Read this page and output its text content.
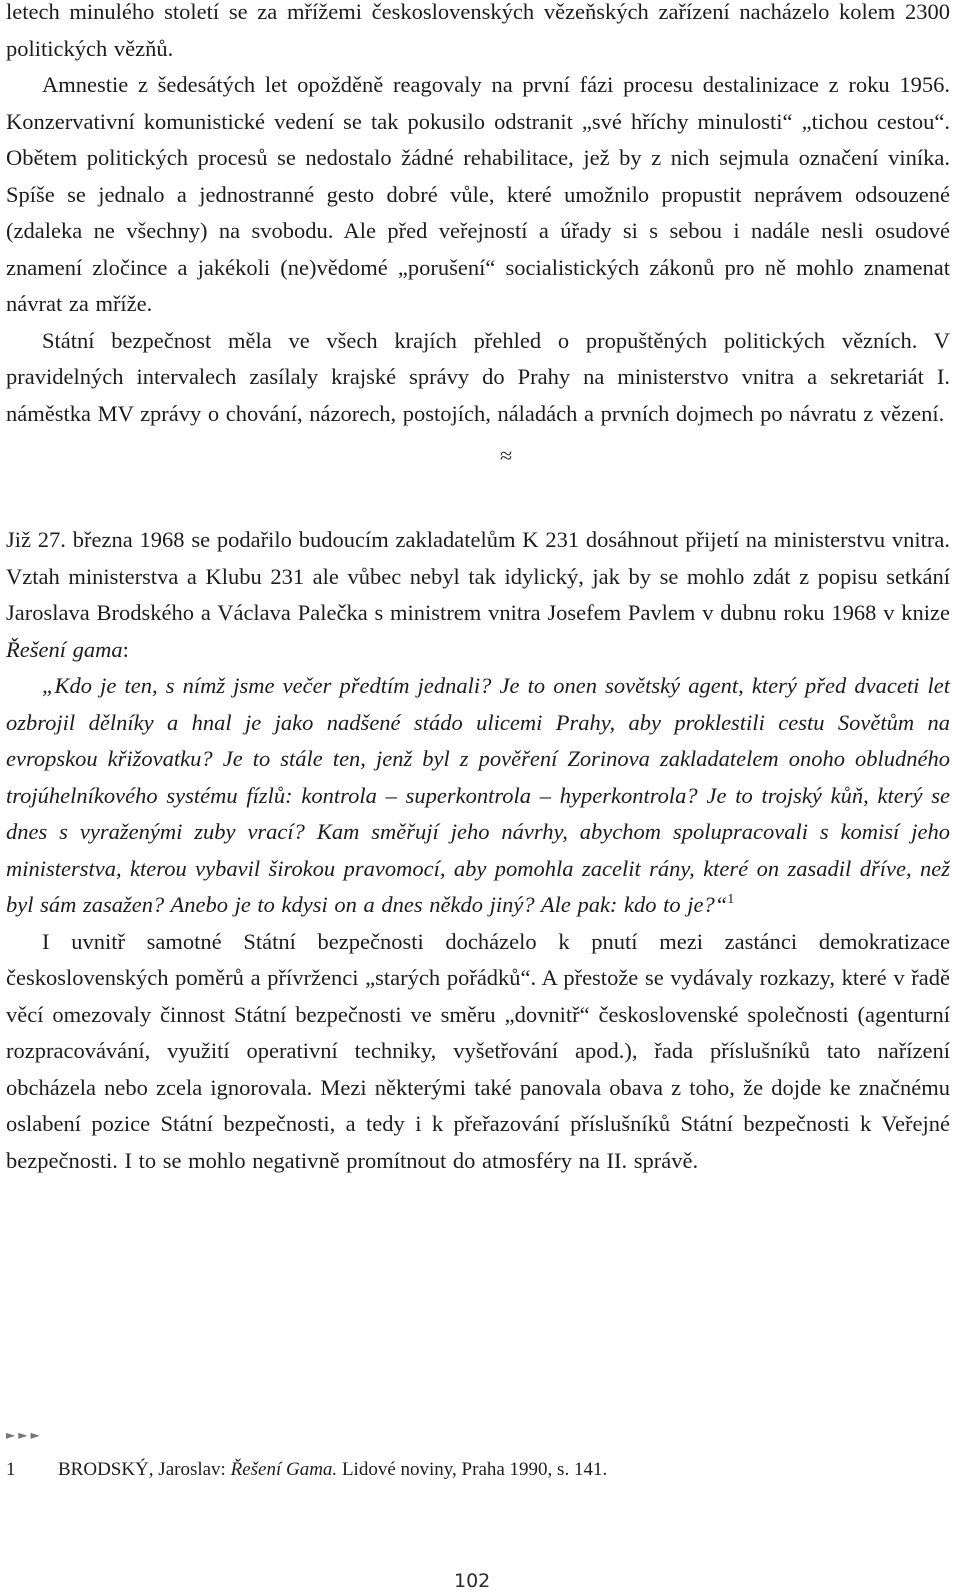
letech minulého století se za mřížemi československých vězeňských zařízení nacházelo kolem 2300 politických vězňů.

Amnestie z šedesátých let opožděně reagovaly na první fázi procesu destalinizace z roku 1956. Konzervativní komunistické vedení se tak pokusilo odstranit „své hříchy minulosti“ „tichou cestou“. Obětem politických procesů se nedostalo žádné rehabilitace, jež by z nich sejmula označení viníka. Spíše se jednalo a jednostranné gesto dobré vůle, které umožnilo propustit neprávem odsouzené (zdaleka ne všechny) na svobodu. Ale před veřejností a úřady si s sebou i nadále nesli osudové znamení zločince a jakékoli (ne)vědomé „porušení“ socialistických zákonů pro ně mohlo znamenat návrat za mříže.

Státní bezpečnost měla ve všech krajích přehled o propuštěných politických vězních. V pravidelných intervalech zasílaly krajské správy do Prahy na ministerstvo vnitra a sekretariát I. náměstka MV zprávy o chování, názorech, postojích, náladách a prvních dojmech po návratu z vězení.

≈

Již 27. března 1968 se podařilo budoucím zakladatelům K 231 dosáhnout přijetí na ministerstvu vnitra. Vztah ministerstva a Klubu 231 ale vůbec nebyl tak idylický, jak by se mohlo zdát z popisu setkání Jaroslava Brodského a Václava Palečka s ministrem vnitra Josefem Pavlem v dubnu roku 1968 v knize Řešení gama:

„Kdo je ten, s nímž jsme večer předtím jednali? Je to onen sovětský agent, který před dvaceti let ozbrojil dělníky a hnal je jako nadšené stádo ulicemi Prahy, aby proklestili cestu Sovětům na evropskou křižovatku? Je to stále ten, jenž byl z pověření Zorinova zakladatelem onoho obludného trojúhelníkového systému fízlů: kontrola – superkontrola – hyperkontrola? Je to trojský kůň, který se dnes s vyraženými zuby vrací? Kam směřují jeho návrhy, abychom spolupracovali s komisí jeho ministerstva, kterou vybavil širokou pravomocí, aby pomohla zacelit rány, které on zasadil dříve, než byl sám zasažen? Anebo je to kdysi on a dnes někdo jiný? Ale pak: kdo to je?“$^1$

I uvnitř samotné Státní bezpečnosti docházelo k pnutí mezi zastánci demokratizace československých poměrů a přívrženci „starých pořádků“. A přestože se vydávaly rozkazy, které v řadě věcí omezovaly činnost Státní bezpečnosti ve směru „dovnitř“ československé společnosti (agenturní rozpracovávání, využití operativní techniky, vyšetřování apod.), řada příslušníků tato nařízení obcházela nebo zcela ignorovala. Mezi některými také panovala obava z toho, že dojde ke značnému oslabení pozice Státní bezpečnosti, a tedy i k přeřazování příslušníků Státní bezpečnosti k Veřejné bezpečnosti. I to se mohlo negativně promítnout do atmosféry na II. správě.

►►►
1 BRODSKÝ, Jaroslav: Řešení Gama. Lidové noviny, Praha 1990, s. 141.
102
